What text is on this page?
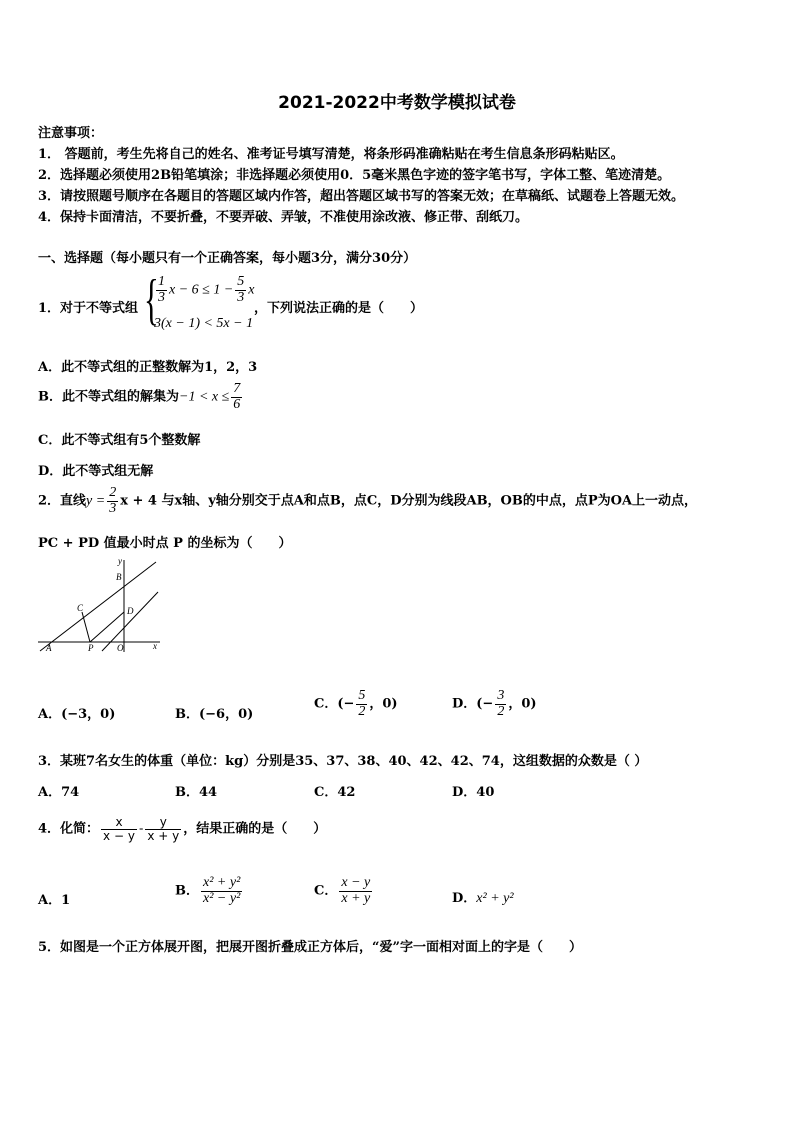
2021-2022中考数学模拟试卷
注意事项：
1． 答题前，考生先将自己的姓名、准考证号填写清楚，将条形码准确粘贴在考生信息条形码粘贴区。
2．选择题必须使用2B铅笔填涂；非选择题必须使用0．5毫米黑色字迹的签字笔书写，字体工整、笔迹清楚。
3．请按照题号顺序在各题目的答题区域内作答，超出答题区域书写的答案无效；在草稿纸、试题卷上答题无效。
4．保持卡面清洁，不要折叠，不要弄破、弄皱，不准使用涂改液、修正带、刮纸刀。
一、选择题（每小题只有一个正确答案，每小题3分，满分30分）
1．对于不等式组 {
$\frac{1}{3}$ $x - 6 \le 1 - \frac{5}{3}$ x
3(x − 1) < 5x − 1
，下列说法正确的是（　　）
A．此不等式组的正整数解为1，2，3
B．此不等式组的解集为$-1 < x \le \frac{7}{6}$
C．此不等式组有5个整数解
D．此不等式组无解
2．直线$y = \frac{2}{3}$ x + 4 与x轴、y轴分别交于点A和点B，点C，D分别为线段AB，OB的中点，点P为OA上一动点，
PC + PD 值最小时点 P 的坐标为（　　）
y
B
C	D
A	P	O	x
A．(−3，0)	B．(−6，0)
C．(− $\frac{5}{2}$ ，0)	D．(− $\frac{3}{2}$ ，0)
3．某班7名女生的体重（单位：kg）分别是35、37、38、40、42、42、74，这组数据的众数是（ ）
A．74	B．44	C．42	D．40
4．化简： $\frac{x}{x - y} - \frac{y}{x + y}$ ，结果正确的是（　　）
A．1
B． $\frac{\text{x² + y²}}{\text{x² − y²}}$	C． $\frac{x - y}{x + y}$	D．x² + y²
5．如图是一个正方体展开图，把展开图折叠成正方体后，“爱”字一面相对面上的字是（　　）
